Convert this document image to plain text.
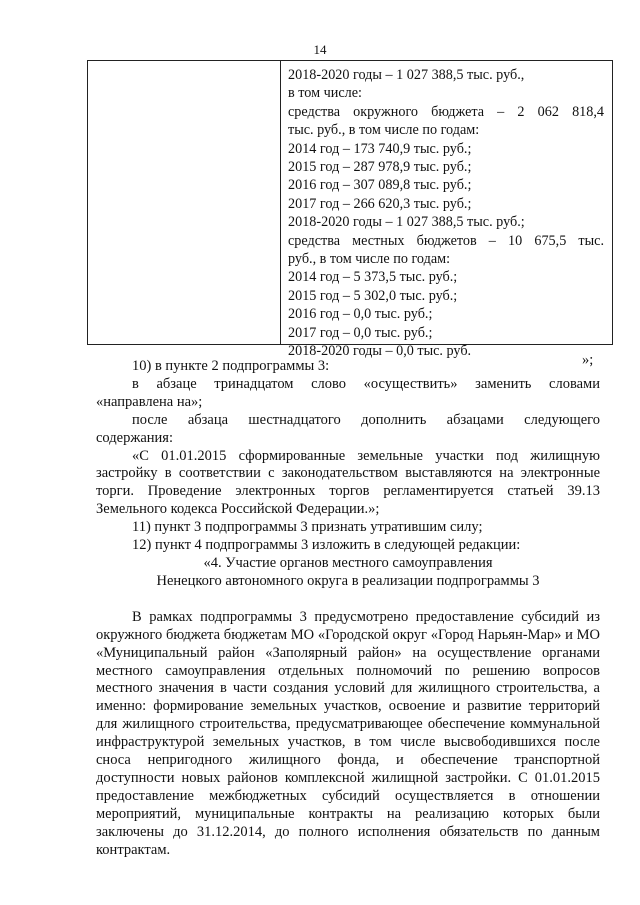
14
2018-2020 годы – 1 027 388,5 тыс. руб.,
в том числе:
средства окружного бюджета – 2 062 818,4
тыс. руб., в том числе по годам:
2014 год – 173 740,9 тыс. руб.;
2015 год – 287 978,9 тыс. руб.;
2016 год – 307 089,8 тыс. руб.;
2017 год – 266 620,3 тыс. руб.;
2018-2020 годы – 1 027 388,5 тыс. руб.;
средства местных бюджетов – 10 675,5 тыс.
руб., в том числе по годам:
2014 год – 5 373,5 тыс. руб.;
2015 год – 5 302,0 тыс. руб.;
2016 год – 0,0 тыс. руб.;
2017 год – 0,0 тыс. руб.;
2018-2020 годы – 0,0 тыс. руб.
»;
10) в пункте 2 подпрограммы 3:
в абзаце тринадцатом слово «осуществить» заменить словами
«направлена на»;
после абзаца шестнадцатого дополнить абзацами следующего
содержания:
«С 01.01.2015 сформированные земельные участки под жилищную застройку в соответствии с законодательством выставляются на электронные торги. Проведение электронных торгов регламентируется статьей 39.13 Земельного кодекса Российской Федерации.»;
11) пункт 3 подпрограммы 3 признать утратившим силу;
12) пункт 4 подпрограммы 3 изложить в следующей редакции:
«4. Участие органов местного самоуправления
Ненецкого автономного округа в реализации подпрограммы 3
В рамках подпрограммы 3 предусмотрено предоставление субсидий из окружного бюджета бюджетам МО «Городской округ «Город Нарьян-Мар» и МО «Муниципальный район «Заполярный район» на осуществление органами местного самоуправления отдельных полномочий по решению вопросов местного значения в части создания условий для жилищного строительства, а именно: формирование земельных участков, освоение и развитие территорий для жилищного строительства, предусматривающее обеспечение коммунальной инфраструктурой земельных участков, в том числе высвободившихся после сноса непригодного жилищного фонда, и обеспечение транспортной доступности новых районов комплексной жилищной застройки. С 01.01.2015 предоставление межбюджетных субсидий осуществляется в отношении мероприятий, муниципальные контракты на реализацию которых были заключены до 31.12.2014, до полного исполнения обязательств по данным контрактам.
